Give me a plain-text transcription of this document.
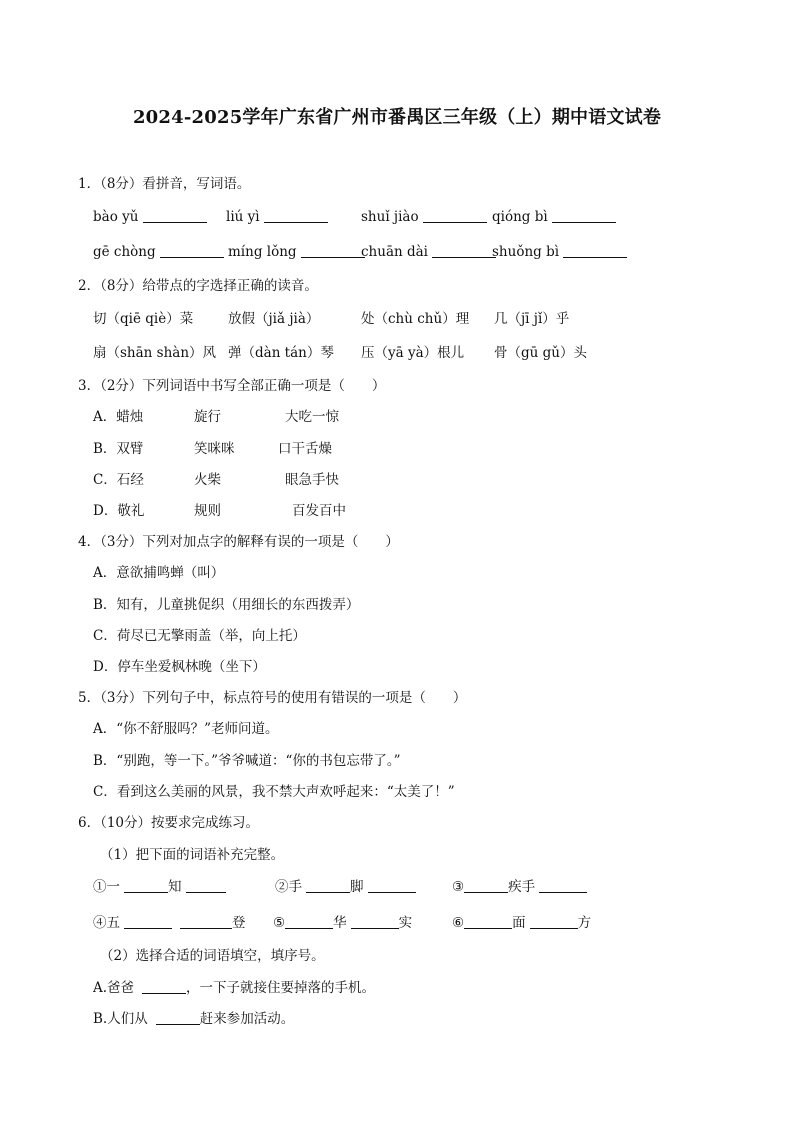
2024-2025学年广东省广州市番禺区三年级（上）期中语文试卷
1．（8分）看拼音，写词语。
bào yǔ	liú yì	shuǐ jiào	qióng bì
gē chòng	míng lǒng	chuān dài	shuǒng bì
2．（8分）给带点的字选择正确的读音。
切（qiē qiè）菜	放假（jiǎ jià）	处（chù chǔ）理 几（jī jǐ）乎
扇（shān shàn）风 弹（dàn tán）琴 压（yā yà）根儿 骨（gū gǔ）头
3．（2分）下列词语中书写全部正确一项是（　　）
A．蜡烛	旋行	大吃一惊
B．双臂	笑咪咪	口干舌燥
C．石经	火柴	眼急手快
D．敬礼	规则	百发百中
4．（3分）下列对加点字的解释有误的一项是（　　）
A．意欲捕鸣蝉（叫）
B．知有，儿童挑促织（用细长的东西拨弄）
C．荷尽已无擎雨盖（举，向上托）
D．停车坐爱枫林晚（坐下）
5．（3分）下列句子中，标点符号的使用有错误的一项是（　　）
A．“你不舒服吗？”老师问道。
B．“别跑，等一下。”爷爷喊道：“你的书包忘带了。”
C．看到这么美丽的风景，我不禁大声欢呼起来：“太美了！”
6．（10分）按要求完成练习。
（1）把下面的词语补充完整。
①一	知	②手	脚	③	疾手
④五	登 ⑤	华	实	⑥	面	方
（2）选择合适的词语填空，填序号。
A.爸爸	，一下子就接住要掉落的手机。
B.人们从	赶来参加活动。
